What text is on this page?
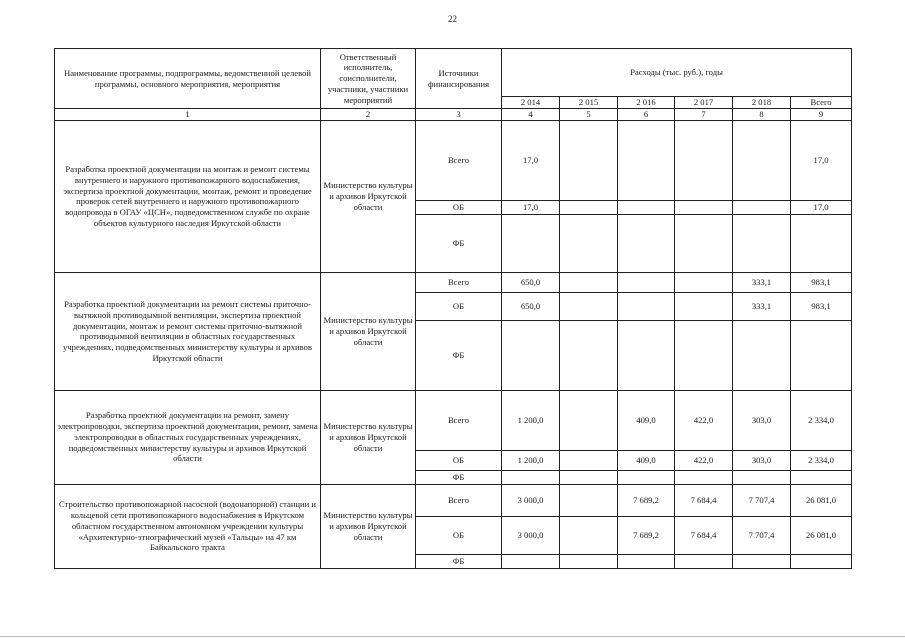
22
Наименование программы, подпрограммы, ведомственной целевой программы, основного мероприятия, мероприятия	Ответственный исполнитель, соисполнители, участники, участники мероприятий	Источники финансирования	Расходы (тыс. руб.), годы					
			2 014	2 015	2 016	2 017	2 018	Всего
1	2	3	4	5	6	7	8	9
Разработка проектной документации на монтаж и ремонт системы внутреннего и наружного противопожарного водоснабжения, экспертиза проектной документации, монтаж, ремонт и проведение проверок сетей внутреннего и наружного противопожарного водопровода в ОГАУ «ЦСН», подведомственном службе по охране объектов культурного наследия Иркутской области	Министерство культуры и архивов Иркутской области	Всего	17,0					17,0
		ОБ	17,0					17,0
		ФБ						
Разработка проектной документации на ремонт системы приточно-вытяжной противодымной вентиляции, экспертиза проектной документации, монтаж и ремонт системы приточно-вытяжной противодымной вентиляции в областных государственных учреждениях, подведомственных министерству культуры и архивов Иркутской области	Министерство культуры и архивов Иркутской области	Всего	650,0				333,1	983,1
		ОБ	650,0				333,1	983,1
		ФБ						
Разработка проектной документации на ремонт, замену электропроводки, экспертиза проектной документации, ремонт, замена электропроводки в областных государственных учреждениях, подведомственных министерству культуры и архивов Иркутской области	Министерство культуры и архивов Иркутской области	Всего	1 200,0		409,0	422,0	303,0	2 334,0
		ОБ	1 200,0		409,0	422,0	303,0	2 334,0
		ФБ						
Строительство противопожарной насосной (водонапорной) станции и кольцевой сети противопожарного водоснабжения в Иркутском областном государственном автономном учреждении культуры «Архитектурно-этнографический музей «Тальцы» на 47 км Байкальского тракта	Министерство культуры и архивов Иркутской области	Всего	3 000,0		7 689,2	7 684,4	7 707,4	26 081,0
		ОБ	3 000,0		7 689,2	7 684,4	7 707,4	26 081,0
		ФБ						
